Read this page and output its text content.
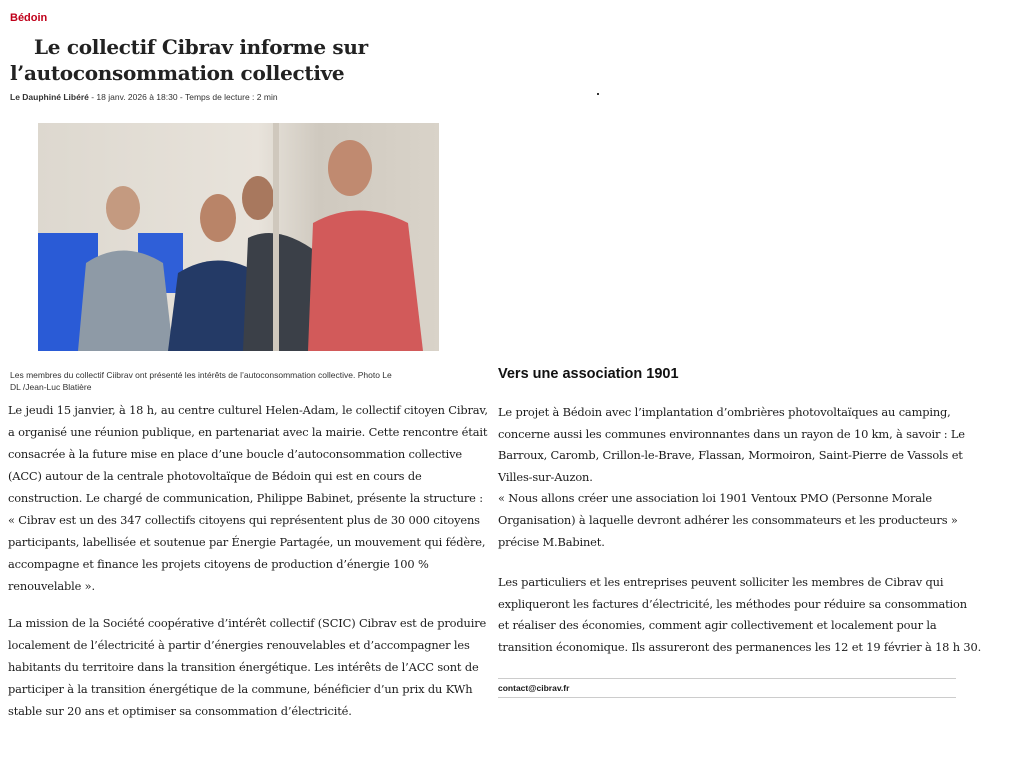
Bédoin
Le collectif Cibrav informe sur
l’autoconsommation collective
Le Dauphiné Libéré - 18 janv. 2026 à 18:30 - Temps de lecture : 2 min
Les membres du collectif Ciibrav ont présenté les intérêts de l’autoconsommation collective. Photo Le
DL /Jean-Luc Blatière
Le jeudi 15 janvier, à 18 h, au centre culturel Helen-Adam, le collectif citoyen Cibrav,
a organisé une réunion publique, en partenariat avec la mairie. Cette rencontre était
consacrée à la future mise en place d’une boucle d’autoconsommation collective
(ACC) autour de la centrale photovoltaïque de Bédoin qui est en cours de
construction. Le chargé de communication, Philippe Babinet, présente la structure :
« Cibrav est un des 347 collectifs citoyens qui représentent plus de 30 000 citoyens
participants, labellisée et soutenue par Énergie Partagée, un mouvement qui fédère,
accompagne et finance les projets citoyens de production d’énergie 100 %
renouvelable ».
La mission de la Société coopérative d’intérêt collectif (SCIC) Cibrav est de produire
localement de l’électricité à partir d’énergies renouvelables et d’accompagner les
habitants du territoire dans la transition énergétique. Les intérêts de l’ACC sont de
participer à la transition énergétique de la commune, bénéficier d’un prix du KWh
stable sur 20 ans et optimiser sa consommation d’électricité.
Vers une association 1901
Le projet à Bédoin avec l’implantation d’ombrières photovoltaïques au camping,
concerne aussi les communes environnantes dans un rayon de 10 km, à savoir : Le
Barroux, Caromb, Crillon-le-Brave, Flassan, Mormoiron, Saint-Pierre de Vassols et
Villes-sur-Auzon.
« Nous allons créer une association loi 1901 Ventoux PMO (Personne Morale
Organisation) à laquelle devront adhérer les consommateurs et les producteurs »
précise M.Babinet.
Les particuliers et les entreprises peuvent solliciter les membres de Cibrav qui
expliqueront les factures d’électricité, les méthodes pour réduire sa consommation
et réaliser des économies, comment agir collectivement et localement pour la
transition économique. Ils assureront des permanences les 12 et 19 février à 18 h 30.
contact@cibrav.fr
